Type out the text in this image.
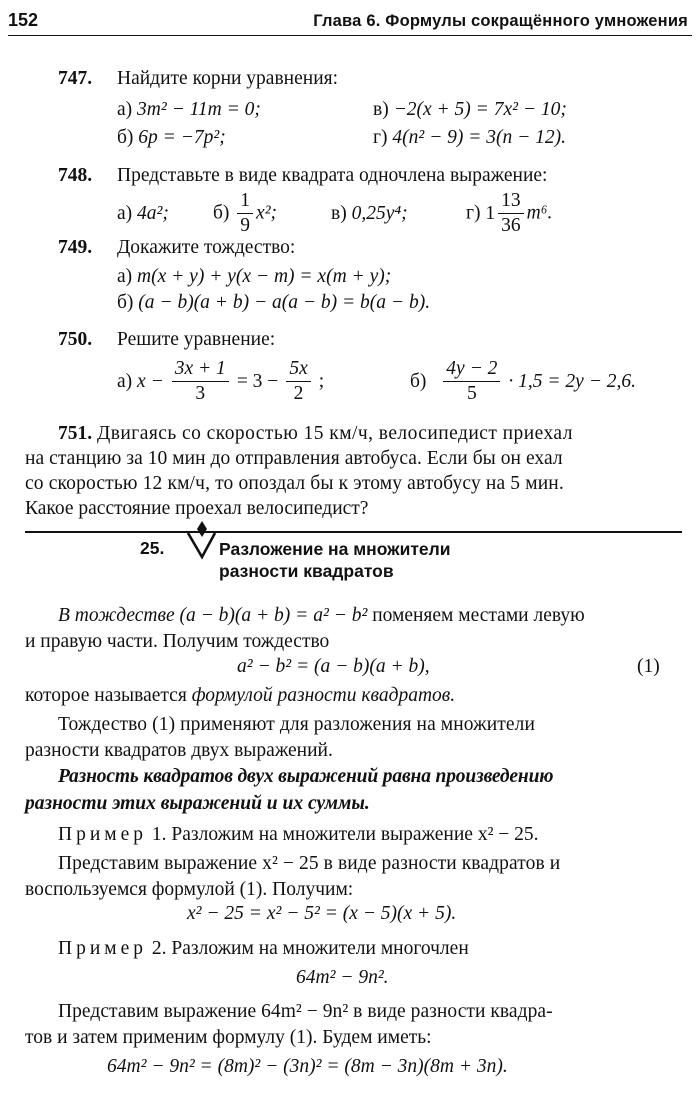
152	Глава 6. Формулы сокращённого умножения
747. Найдите корни уравнения:
а) 3m² − 11m = 0;	в) −2(x + 5) = 7x² − 10;
б) 6p = −7p²;	г) 4(n² − 9) = 3(n − 12).
748. Представьте в виде квадрата одночлена выражение:
а) 4a²; $б) \frac{1}{9} x^2$;	в) 0,25y⁴;	г) $1 \frac{13}{36} m^6$.
749. Докажите тождество:
а) m(x + y) + y(x − m) = x(m + y);
б) (a − b)(a + b) − a(a − b) = b(a − b).
750. Решите уравнение:
а) $x - \frac{3x + 1}{3} = 3 - \frac{5x}{2}$ ;	$б) \frac{4y - 2}{5} \cdot 1,5 = 2y - 2,6$.
751. Двигаясь со скоростью 15 км/ч, велосипедист приехал
на станцию за 10 мин до отправления автобуса. Если бы он ехал
со скоростью 12 км/ч, то опоздал бы к этому автобусу на 5 мин.
Какое расстояние проехал велосипедист?
25.	Разложение на множители
разности квадратов
В тождестве (a − b)(a + b) = a² − b² поменяем местами левую
и правую части. Получим тождество
a² − b² = (a − b)(a + b),	(1)
которое называется формулой разности квадратов.
Тождество (1) применяют для разложения на множители
разности квадратов двух выражений.
Разность квадратов двух выражений равна произведению
разности этих выражений и их суммы.
Пример 1. Разложим на множители выражение x² − 25.
Представим выражение x² − 25 в виде разности квадратов и
воспользуемся формулой (1). Получим:
x² − 25 = x² − 5² = (x − 5)(x + 5).
Пример 2. Разложим на множители многочлен
64m² − 9n².
Представим выражение 64m² − 9n² в виде разности квадра-
тов и затем применим формулу (1). Будем иметь:
64m² − 9n² = (8m)² − (3n)² = (8m − 3n)(8m + 3n).
